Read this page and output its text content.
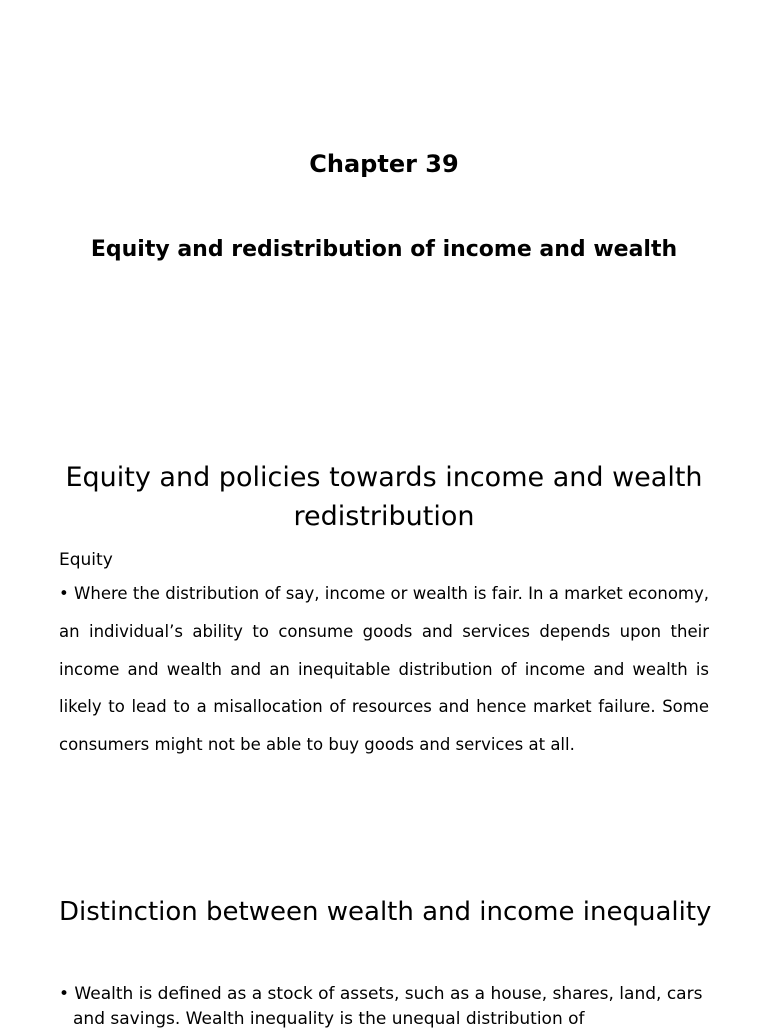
Chapter 39
Equity and redistribution of income and wealth
Equity and policies towards income and wealth redistribution
Equity

• Where the distribution of say, income or wealth is fair. In a market economy, an individual’s ability to consume goods and services depends upon their income and wealth and an inequitable distribution of income and wealth is likely to lead to a misallocation of resources and hence market failure. Some consumers might not be able to buy goods and services at all.

Distinction between wealth and income inequality

• Wealth is defined as a stock of assets, such as a house, shares, land, cars and savings. Wealth inequality is the unequal distribution of
